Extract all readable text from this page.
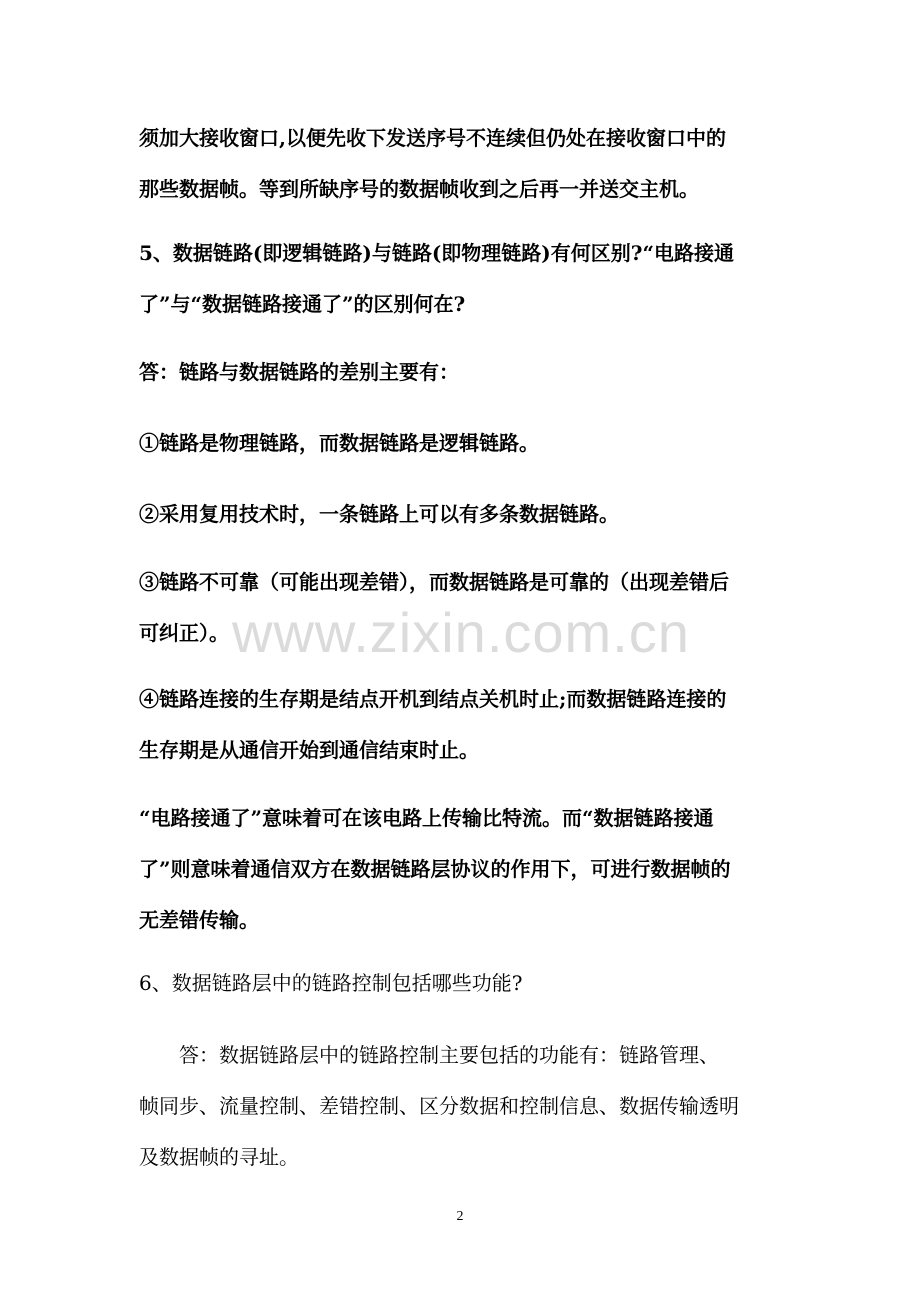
须加大接收窗口,以便先收下发送序号不连续但仍处在接收窗口中的
那些数据帧。等到所缺序号的数据帧收到之后再一并送交主机。
5、数据链路(即逻辑链路)与链路(即物理链路)有何区别?“电路接通
了”与“数据链路接通了”的区别何在?
答：链路与数据链路的差别主要有：
①链路是物理链路，而数据链路是逻辑链路。
②采用复用技术时，一条链路上可以有多条数据链路。
③链路不可靠（可能出现差错），而数据链路是可靠的（出现差错后
可纠正）。
④链路连接的生存期是结点开机到结点关机时止;而数据链路连接的
生存期是从通信开始到通信结束时止。
“电路接通了”意味着可在该电路上传输比特流。而“数据链路接通
了”则意味着通信双方在数据链路层协议的作用下，可进行数据帧的
无差错传输。
6、数据链路层中的链路控制包括哪些功能?
　　答：数据链路层中的链路控制主要包括的功能有：链路管理、
帧同步、流量控制、差错控制、区分数据和控制信息、数据传输透明
及数据帧的寻址。
www.zixin.com.cn
2
